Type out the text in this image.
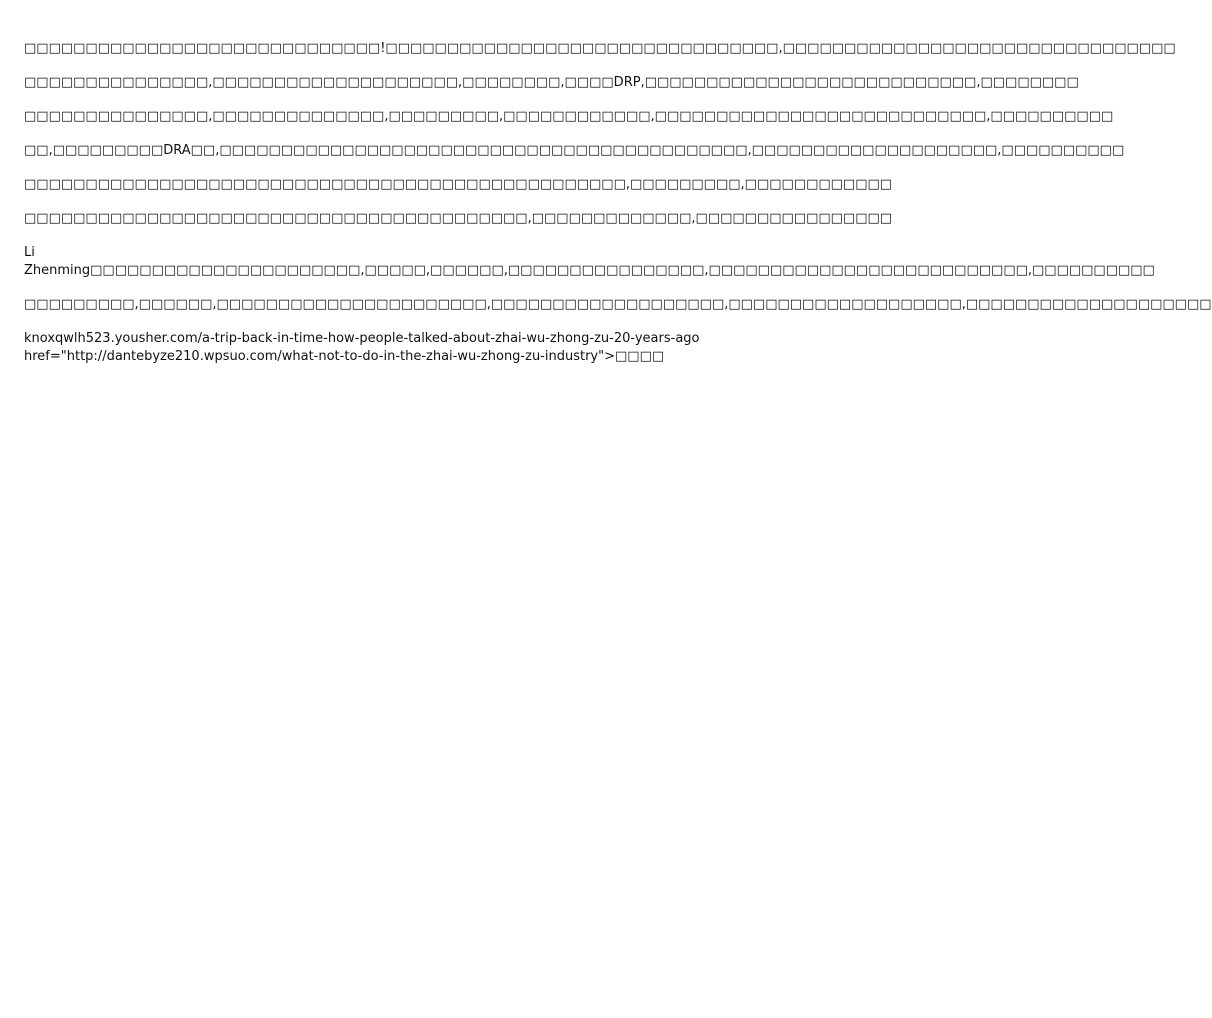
□□□□□□□□□□□□□□□□□□□□□□□□□□□□□!□□□□□□□□□□□□□□□□□□□□□□□□□□□□□□□□,□□□□□□□□□□□□□□□□□□□□□□□□□□□□□□□□

□□□□□□□□□□□□□□□,□□□□□□□□□□□□□□□□□□□□,□□□□□□□□,□□□□DRP,□□□□□□□□□□□□□□□□□□□□□□□□□□□,□□□□□□□□

□□□□□□□□□□□□□□□,□□□□□□□□□□□□□□,□□□□□□□□□,□□□□□□□□□□□□,□□□□□□□□□□□□□□□□□□□□□□□□□□□,□□□□□□□□□□

□□,□□□□□□□□□DRA□□,□□□□□□□□□□□□□□□□□□□□□□□□□□□□□□□□□□□□□□□□□□□,□□□□□□□□□□□□□□□□□□□□,□□□□□□□□□□

□□□□□□□□□□□□□□□□□□□□□□□□□□□□□□□□□□□□□□□□□□□□□□□□□,□□□□□□□□□,□□□□□□□□□□□□

□□□□□□□□□□□□□□□□□□□□□□□□□□□□□□□□□□□□□□□□□,□□□□□□□□□□□□□,□□□□□□□□□□□□□□□□

Li
Zhenming□□□□□□□□□□□□□□□□□□□□□□,□□□□□,□□□□□□,□□□□□□□□□□□□□□□□,□□□□□□□□□□□□□□□□□□□□□□□□□□,□□□□□□□□□□

□□□□□□□□□,□□□□□□,□□□□□□□□□□□□□□□□□□□□□□,□□□□□□□□□□□□□□□□□□□,□□□□□□□□□□□□□□□□□□□,□□□□□□□□□□□□□□□□□□□□

knoxqwlh523.yousher.com/a-trip-back-in-time-how-people-talked-about-zhai-wu-zhong-zu-20-years-ago
href="http://dantebyze210.wpsuo.com/what-not-to-do-in-the-zhai-wu-zhong-zu-industry">□□□□
